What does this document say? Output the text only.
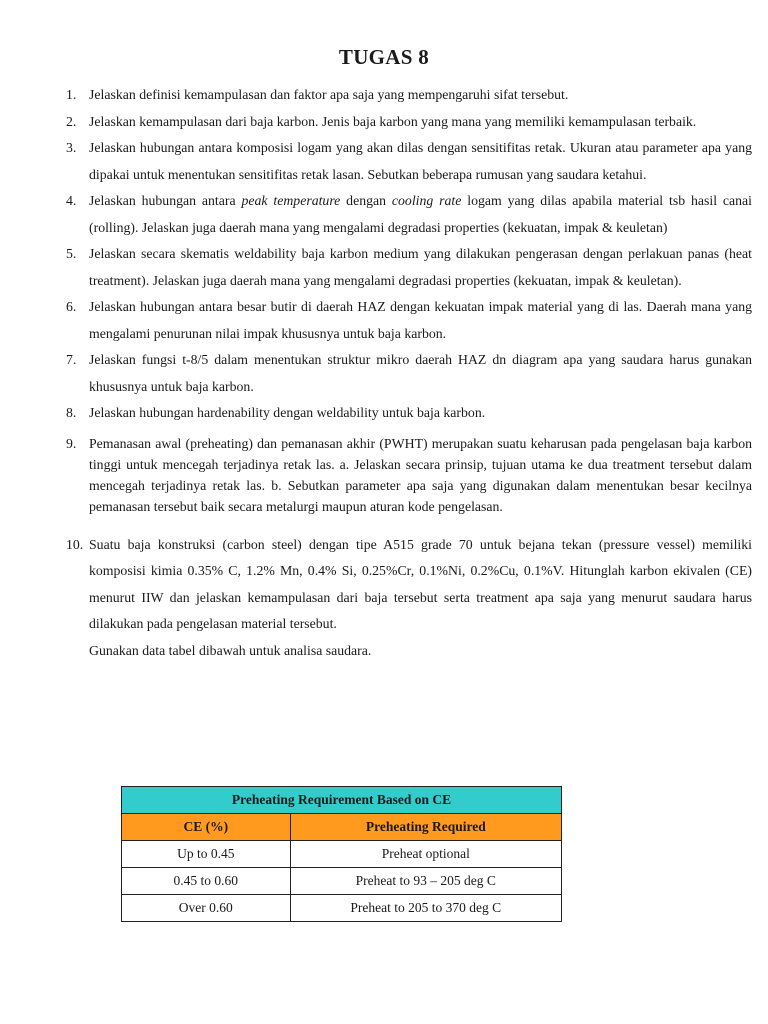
TUGAS 8
1. Jelaskan definisi kemampulasan dan faktor apa saja yang mempengaruhi sifat tersebut.
2. Jelaskan kemampulasan dari baja karbon. Jenis baja karbon yang mana yang memiliki kemampulasan terbaik.
3. Jelaskan hubungan antara komposisi logam yang akan dilas dengan sensitifitas retak. Ukuran atau parameter apa yang dipakai untuk menentukan sensitifitas retak lasan. Sebutkan beberapa rumusan yang saudara ketahui.
4. Jelaskan hubungan antara peak temperature dengan cooling rate logam yang dilas apabila material tsb hasil canai (rolling). Jelaskan juga daerah mana yang mengalami degradasi properties (kekuatan, impak & keuletan)
5. Jelaskan secara skematis weldability baja karbon medium yang dilakukan pengerasan dengan perlakuan panas (heat treatment). Jelaskan juga daerah mana yang mengalami degradasi properties (kekuatan, impak & keuletan).
6. Jelaskan hubungan antara besar butir di daerah HAZ dengan kekuatan impak material yang di las. Daerah mana yang mengalami penurunan nilai impak khususnya untuk baja karbon.
7. Jelaskan fungsi t-8/5 dalam menentukan struktur mikro daerah HAZ dn diagram apa yang saudara harus gunakan khususnya untuk baja karbon.
8. Jelaskan hubungan hardenability dengan weldability untuk baja karbon.
9. Pemanasan awal (preheating) dan pemanasan akhir (PWHT) merupakan suatu keharusan pada pengelasan baja karbon tinggi untuk mencegah terjadinya retak las. a. Jelaskan secara prinsip, tujuan utama ke dua treatment tersebut dalam mencegah terjadinya retak las. b. Sebutkan parameter apa saja yang digunakan dalam menentukan besar kecilnya pemanasan tersebut baik secara metalurgi maupun aturan kode pengelasan.
10. Suatu baja konstruksi (carbon steel) dengan tipe A515 grade 70 untuk bejana tekan (pressure vessel) memiliki komposisi kimia 0.35% C, 1.2% Mn, 0.4% Si, 0.25%Cr, 0.1%Ni, 0.2%Cu, 0.1%V. Hitunglah karbon ekivalen (CE) menurut IIW dan jelaskan kemampulasan dari baja tersebut serta treatment apa saja yang menurut saudara harus dilakukan pada pengelasan material tersebut.
Gunakan data tabel dibawah untuk analisa saudara.
Preheating Requirement Based on CE	
CE (%)	Preheating Required
Up to 0.45	Preheat optional
0.45 to 0.60	Preheat to 93 – 205 deg C
Over 0.60	Preheat to 205 to 370 deg C
